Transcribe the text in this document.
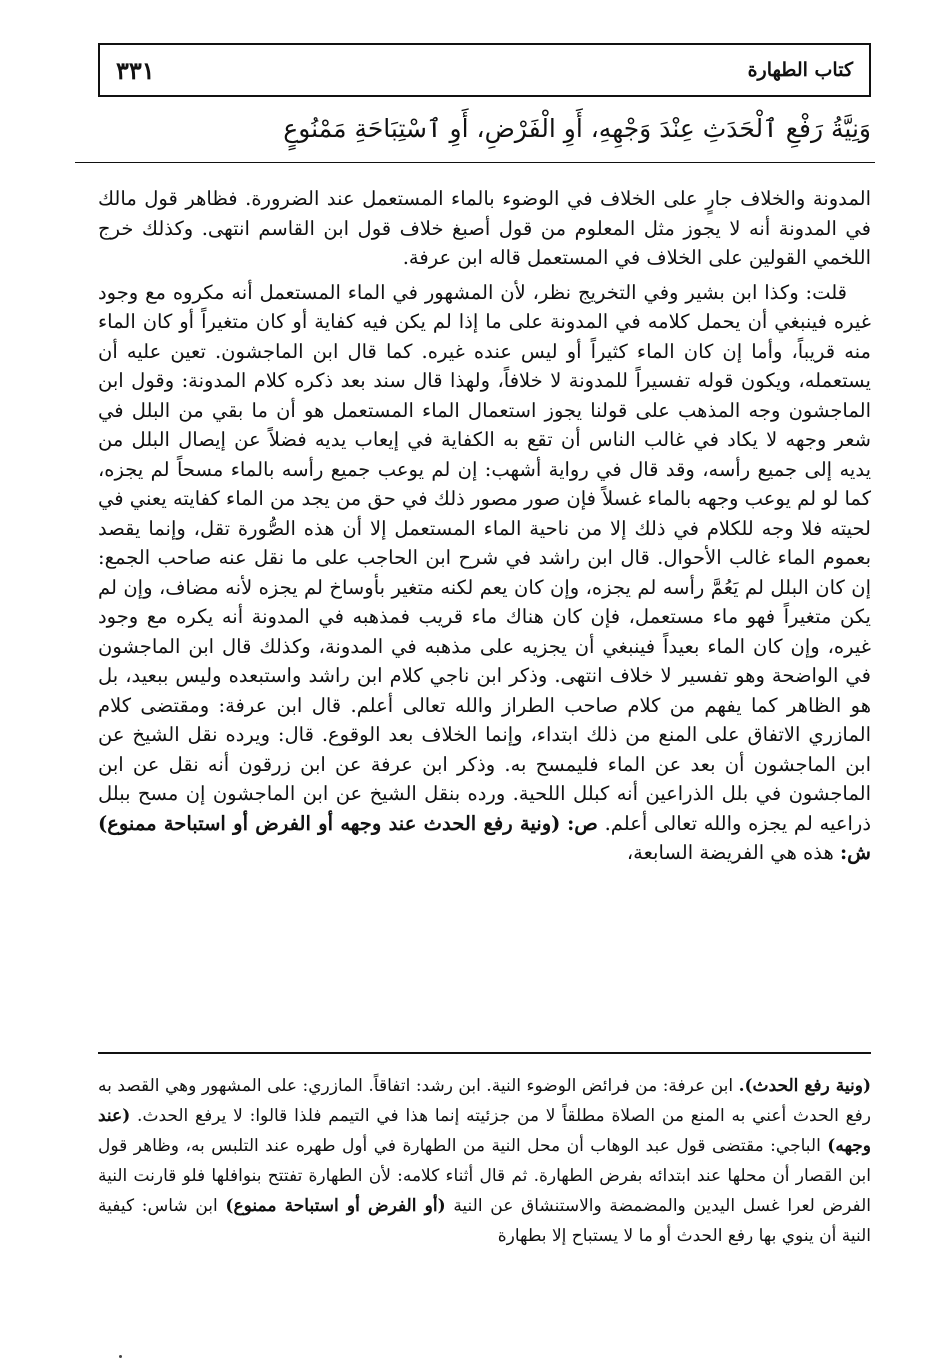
كتاب الطهارة
٣٣١
وَنِيَّةُ رَفْعِ ٱلْحَدَثِ عِنْدَ وَجْهِهِ، أَوِ الْفَرْضِ، أَوِ ٱسْتِبَاحَةِ مَمْنُوعٍ

المدونة والخلاف جارٍ على الخلاف في الوضوء بالماء المستعمل عند الضرورة. فظاهر قول مالك في المدونة أنه لا يجوز مثل المعلوم من قول أصبغ خلاف قول ابن القاسم انتهى. وكذلك خرج اللخمي القولين على الخلاف في المستعمل قاله ابن عرفة.

قلت: وكذا ابن بشير وفي التخريج نظر، لأن المشهور في الماء المستعمل أنه مكروه مع وجود غيره فينبغي أن يحمل كلامه في المدونة على ما إذا لم يكن فيه كفاية أو كان متغيراً أو كان الماء منه قريباً، وأما إن كان الماء كثيراً أو ليس عنده غيره. كما قال ابن الماجشون. تعين عليه أن يستعمله، ويكون قوله تفسيراً للمدونة لا خلافاً، ولهذا قال سند بعد ذكره كلام المدونة: وقول ابن الماجشون وجه المذهب على قولنا يجوز استعمال الماء المستعمل هو أن ما بقي من البلل في شعر وجهه لا يكاد في غالب الناس أن تقع به الكفاية في إيعاب يديه فضلاً عن إيصال البلل من يديه إلى جميع رأسه، وقد قال في رواية أشهب: إن لم يوعب جميع رأسه بالماء مسحاً لم يجزه، كما لو لم يوعب وجهه بالماء غسلاً فإن صور مصور ذلك في حق من يجد من الماء كفايته يعني في لحيته فلا وجه للكلام في ذلك إلا من ناحية الماء المستعمل إلا أن هذه الصُّورة تقل، وإنما يقصد بعموم الماء غالب الأحوال. قال ابن راشد في شرح ابن الحاجب على ما نقل عنه صاحب الجمع: إن كان البلل لم يَعُمَّ رأسه لم يجزه، وإن كان يعم لكنه متغير بأوساخ لم يجزه لأنه مضاف، وإن لم يكن متغيراً فهو ماء مستعمل، فإن كان هناك ماء قريب فمذهبه في المدونة أنه يكره مع وجود غيره، وإن كان الماء بعيداً فينبغي أن يجزيه على مذهبه في المدونة، وكذلك قال ابن الماجشون في الواضحة وهو تفسير لا خلاف انتهى. وذكر ابن ناجي كلام ابن راشد واستبعده وليس ببعيد، بل هو الظاهر كما يفهم من كلام صاحب الطراز والله تعالى أعلم. قال ابن عرفة: ومقتضى كلام المازري الاتفاق على المنع من ذلك ابتداء، وإنما الخلاف بعد الوقوع. قال: ويرده نقل الشيخ عن ابن الماجشون أن بعد عن الماء فليمسح به. وذكر ابن عرفة عن ابن زرقون أنه نقل عن ابن الماجشون في بلل الذراعين أنه كبلل اللحية. ورده بنقل الشيخ عن ابن الماجشون إن مسح ببلل ذراعيه لم يجزه والله تعالى أعلم. ص: (ونية رفع الحدث عند وجهه أو الفرض أو استباحة ممنوع) ش: هذه هي الفريضة السابعة،

(ونية رفع الحدث). ابن عرفة: من فرائض الوضوء النية. ابن رشد: اتفاقاً. المازري: على المشهور وهي القصد به رفع الحدث أعني به المنع من الصلاة مطلقاً لا من جزئيته إنما هذا في التيمم فلذا قالوا: لا يرفع الحدث. (عند وجهه) الباجي: مقتضى قول عبد الوهاب أن محل النية من الطهارة في أول طهره عند التلبس به، وظاهر قول ابن القصار أن محلها عند ابتدائه بفرض الطهارة. ثم قال أثناء كلامه: لأن الطهارة تفتتح بنوافلها فلو قارنت النية الفرض لعرا غسل اليدين والمضمضة والاستنشاق عن النية (أو الفرض أو استباحة ممنوع) ابن شاس: كيفية النية أن ينوي بها رفع الحدث أو ما لا يستباح إلا بطهارة
